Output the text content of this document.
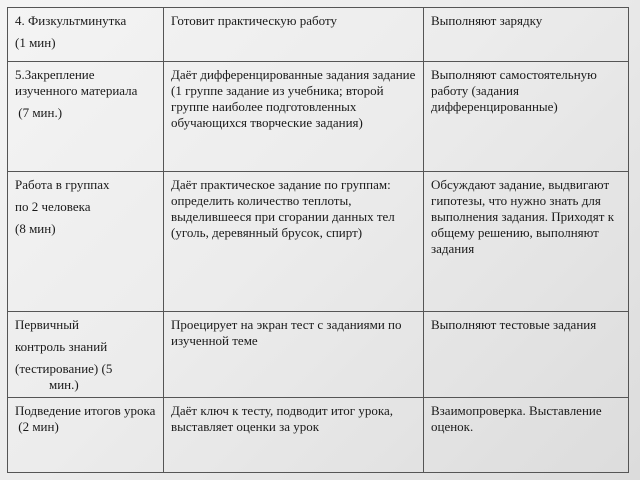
4. Физкультминутка
(1 мин)
Готовит практическую работу	Выполняют зарядку
5.Закрепление изученного материала
(7 мин.)
Даёт дифференцированные задания задание (1 группе задание из учебника; второй группе наиболее подготовленных обучающихся творческие задания)
Выполняют самостоятельную работу (задания дифференцированные)
Работа в группах
по 2 человека
(8 мин)
Даёт практическое задание по группам: определить количество теплоты, выделившееся при сгорании данных тел (уголь, деревянный брусок, спирт)
Обсуждают задание, выдвигают гипотезы, что нужно знать для выполнения задания. Приходят к общему решению, выполняют задания
Первичный
контроль знаний
(тестирование) (5
мин.)
Проецирует на экран тест с заданиями по изученной теме
Выполняют тестовые задания
Подведение итогов урока
(2 мин)
Даёт ключ к тесту, подводит итог урока, выставляет оценки за урок
Взаимопроверка. Выставление оценок.
